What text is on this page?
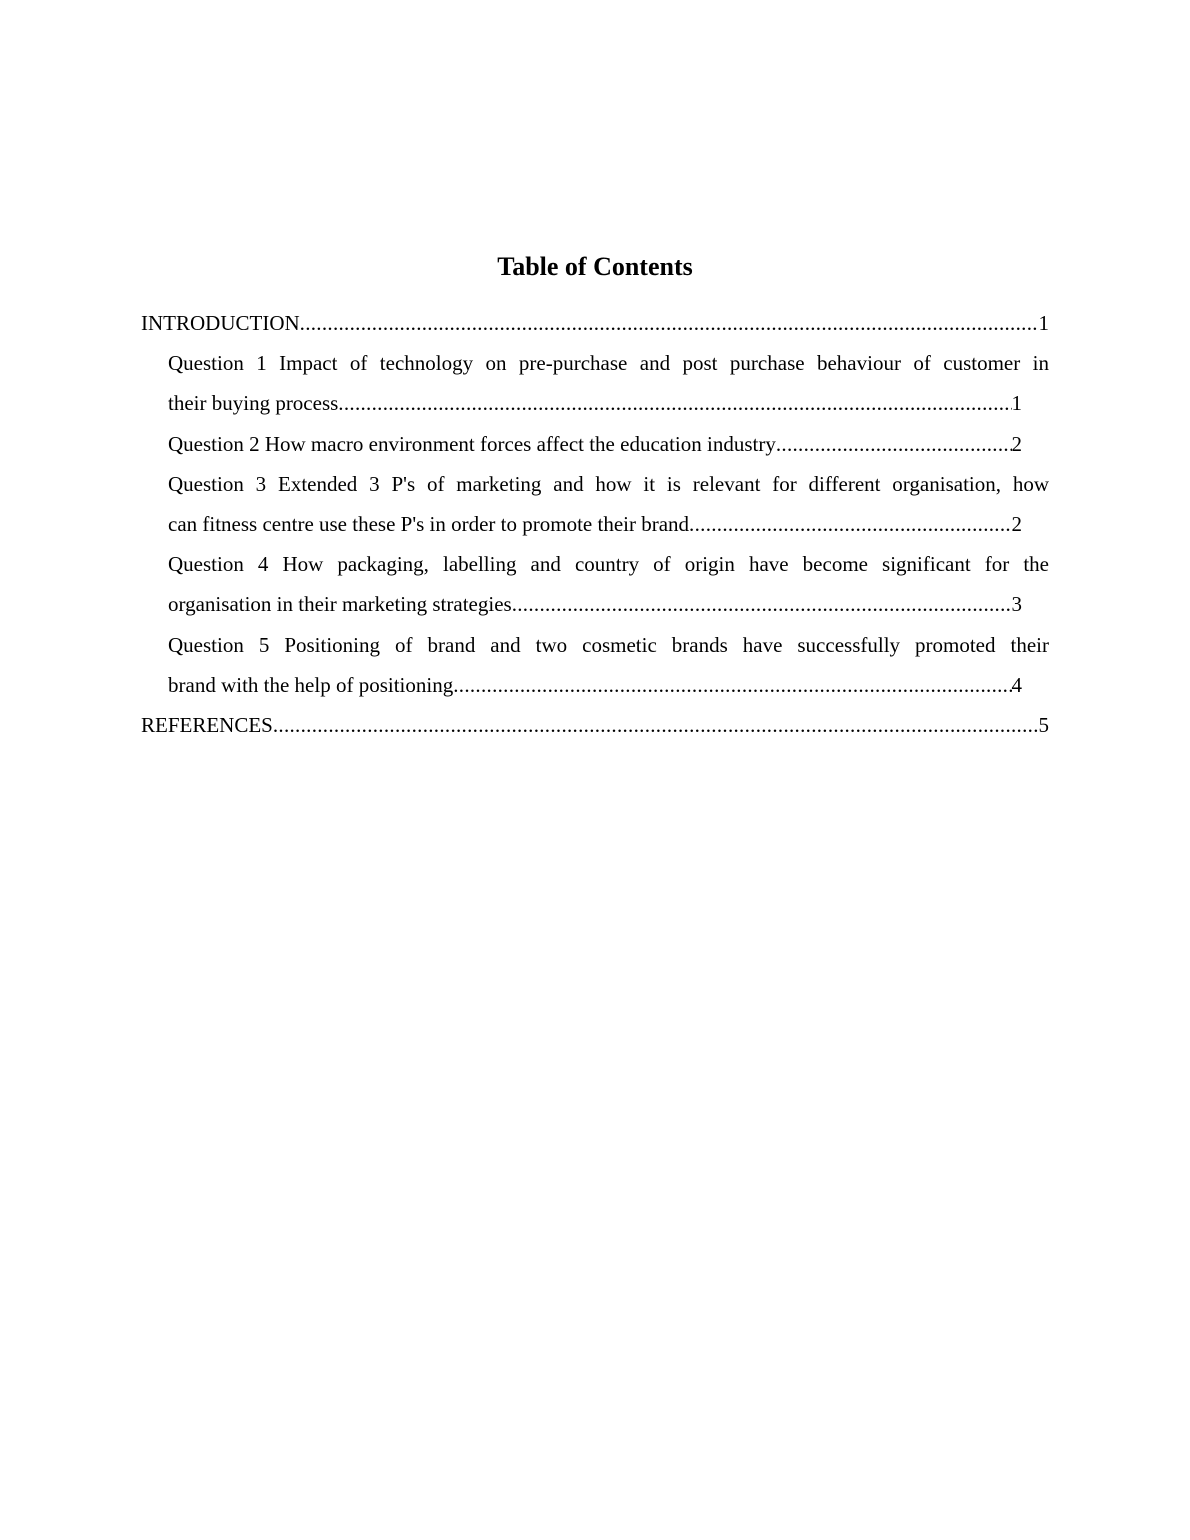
Table of Contents
INTRODUCTION .....	1
Question 1 Impact of technology on pre-purchase and post purchase behaviour of customer in
their buying process .....	1
Question 2 How macro environment forces affect the education industry .....	2
Question 3 Extended 3 P's of marketing and how it is relevant for different organisation, how
can fitness centre use these P's in order to promote their brand .....	2
Question 4 How packaging, labelling and country of origin have become significant for the
organisation in their marketing strategies .....	3
Question 5 Positioning of brand and two cosmetic brands have successfully promoted their
brand with the help of positioning .....	4
REFERENCES .....	5
